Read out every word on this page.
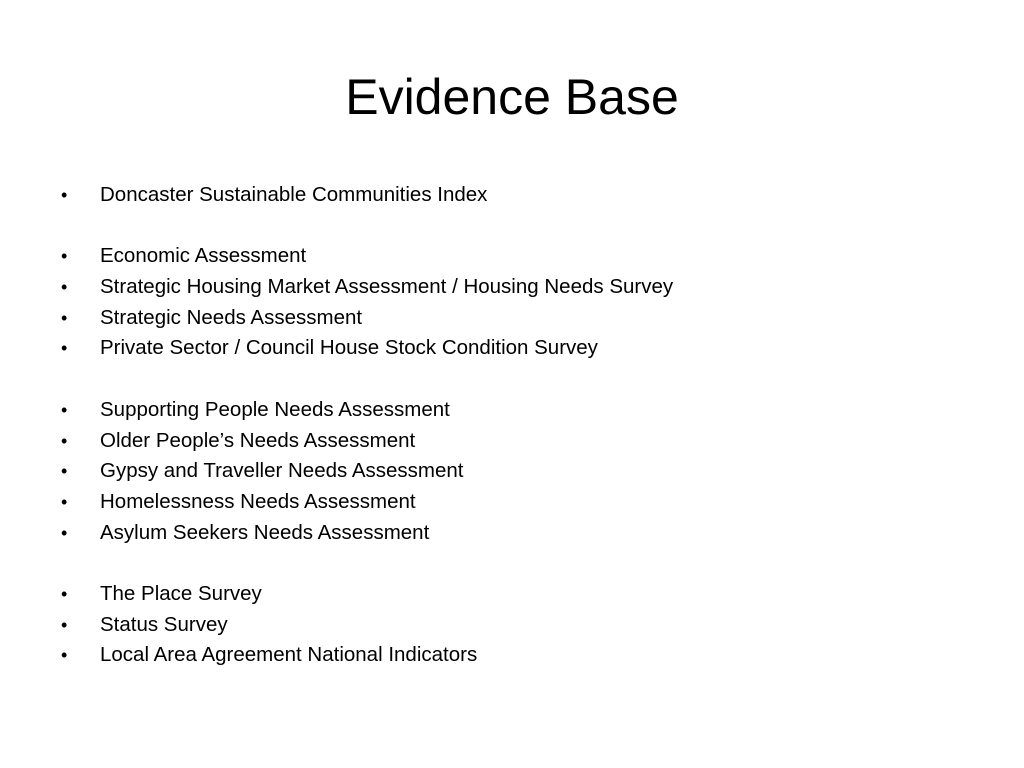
Evidence Base
•	Doncaster Sustainable Communities Index
•	Economic Assessment
•	Strategic Housing Market Assessment / Housing Needs Survey
•	Strategic Needs Assessment
•	Private Sector / Council House Stock Condition Survey
•	Supporting People Needs Assessment
•	Older People’s Needs Assessment
•	Gypsy and Traveller Needs Assessment
•	Homelessness Needs Assessment
•	Asylum Seekers Needs Assessment
•	The Place Survey
•	Status Survey
•	Local Area Agreement National Indicators
